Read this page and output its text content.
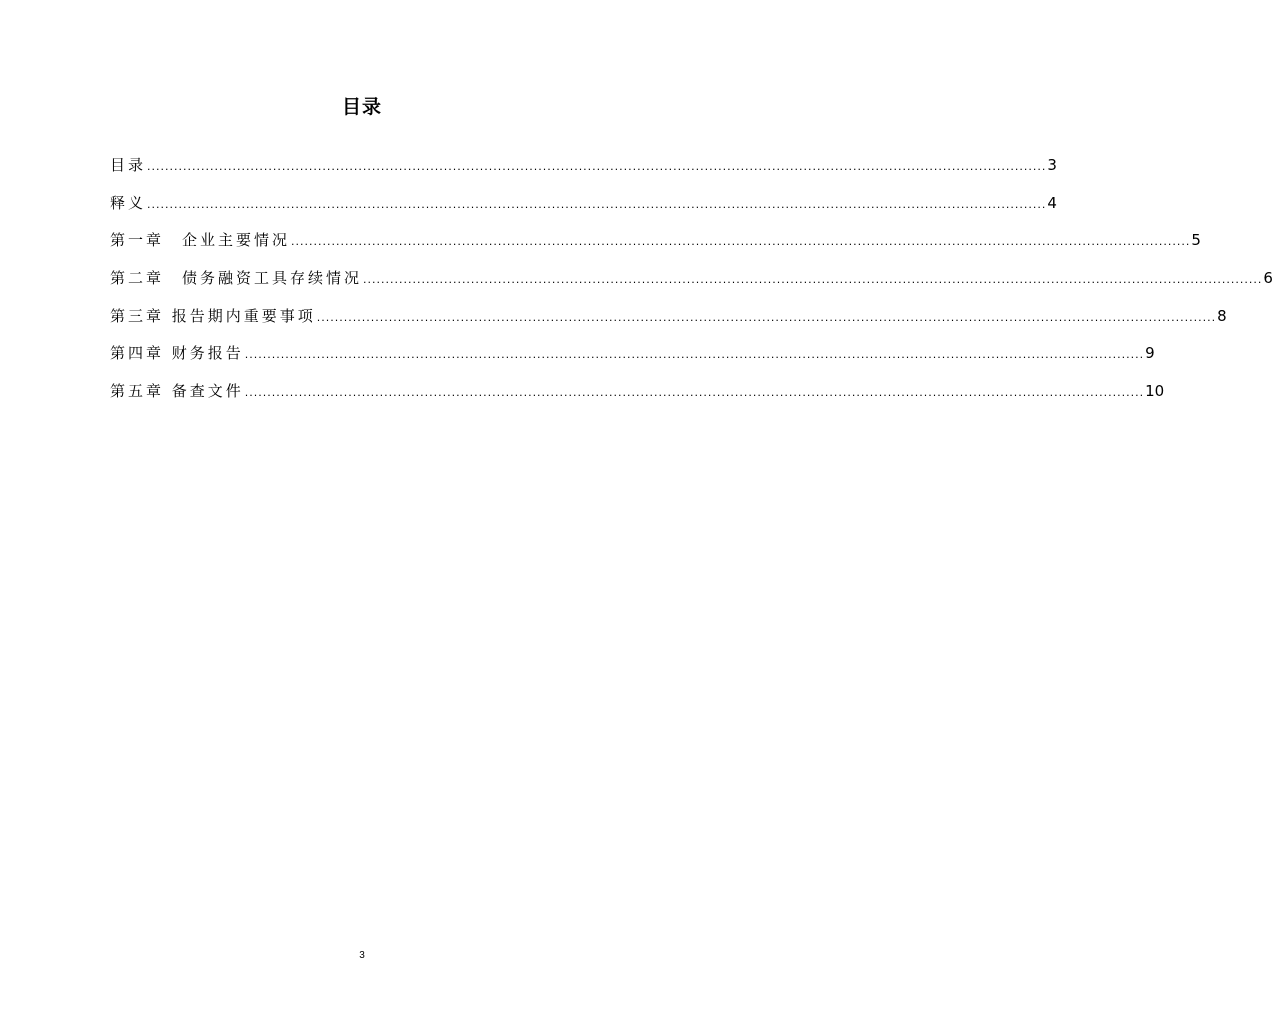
目录
目录 ........................................................................................................................................................................................................ 3
释义 ........................................................................................................................................................................................................ 4
第一章　企业主要情况 ........................................................................................................................................................................................................ 5
第二章　债务融资工具存续情况 ........................................................................................................................................................................................................ 6
第三章 报告期内重要事项 ........................................................................................................................................................................................................ 8
第四章 财务报告 ........................................................................................................................................................................................................ 9
第五章 备查文件 ........................................................................................................................................................................................................ 10
3
